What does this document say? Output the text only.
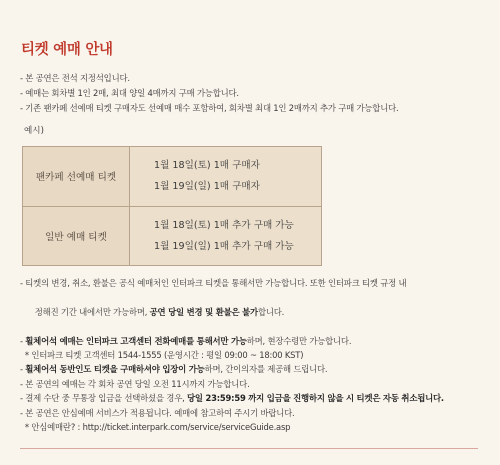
티켓 예매 안내
- 본 공연은 전석 지정석입니다.
- 예매는 회차별 1인 2매, 최대 양일 4매까지 구매 가능합니다.
- 기존 팬카페 선예매 티켓 구매자도 선예매 매수 포함하여, 회차별 최대 1인 2매까지 추가 구매 가능합니다.
예시)
팬카페 선예매 티켓	1월 18일(토) 1매 구매자
1월 19일(일) 1매 구매자

일반 예매 티켓	1월 18일(토) 1매 추가 구매 가능
1월 19일(일) 1매 추가 구매 가능
- 티켓의 변경, 취소, 환불은 공식 예매처인 인터파크 티켓을 통해서만 가능합니다. 또한 인터파크 티켓 규정 내

정해진 기간 내에서만 가능하며, 공연 당일 변경 및 환불은 불가합니다.

- 휠체어석 예매는 인터파크 고객센터 전화예매를 통해서만 가능하며, 현장수령만 가능합니다.
* 인터파크 티켓 고객센터 1544-1555 (운영시간 : 평일 09:00 ~ 18:00 KST)
- 휠체어석 동반인도 티켓을 구매하셔야 입장이 가능하며, 간이의자를 제공해 드립니다.
- 본 공연의 예매는 각 회차 공연 당일 오전 11시까지 가능합니다.
- 결제 수단 중 무통장 입금을 선택하셨을 경우, 당일 23:59:59 까지 입금을 진행하지 않을 시 티켓은 자동 취소됩니다.
- 본 공연은 안심예매 서비스가 적용됩니다. 예매에 참고하여 주시기 바랍니다.
* 안심예매란? : http://ticket.interpark.com/service/serviceGuide.asp
